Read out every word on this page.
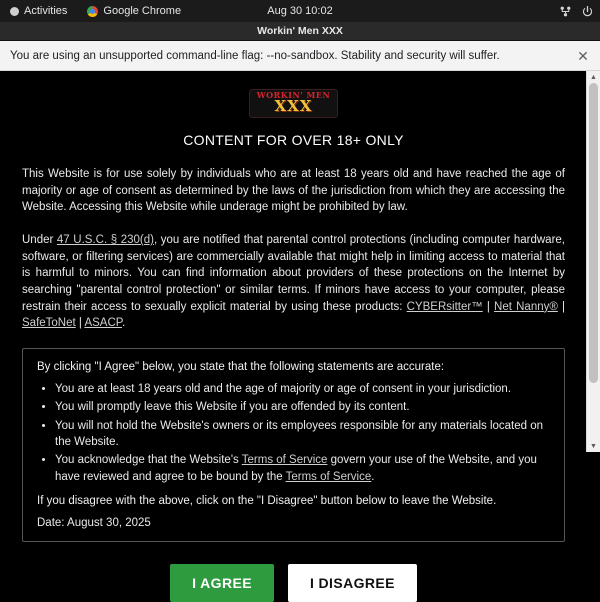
Activities	Google Chrome	Aug 30 10:02
Workin' Men XXX
You are using an unsupported command-line flag: --no-sandbox. Stability and security will suffer.	✕
WORKIN' MEN
XXX
CONTENT FOR OVER 18+ ONLY

This Website is for use solely by individuals who are at least 18 years old and have reached the age of majority or age of consent as determined by the laws of the jurisdiction from which they are accessing the Website. Accessing this Website while underage might be prohibited by law.

Under 47 U.S.C. § 230(d), you are notified that parental control protections (including computer hardware, software, or filtering services) are commercially available that might help in limiting access to material that is harmful to minors. You can find information about providers of these protections on the Internet by searching "parental control protection" or similar terms. If minors have access to your computer, please restrain their access to sexually explicit material by using these products: CYBERsitter™ | Net Nanny® | SafeToNet | ASACP.

By clicking "I Agree" below, you state that the following statements are accurate:

• You are at least 18 years old and the age of majority or age of consent in your jurisdiction.
• You will promptly leave this Website if you are offended by its content.
• You will not hold the Website's owners or its employees responsible for any materials located on the Website.
• You acknowledge that the Website's Terms of Service govern your use of the Website, and you have reviewed and agree to be bound by the Terms of Service.

If you disagree with the above, click on the "I Disagree" button below to leave the Website.

Date: August 30, 2025

I AGREE	I DISAGREE
▲
▼
